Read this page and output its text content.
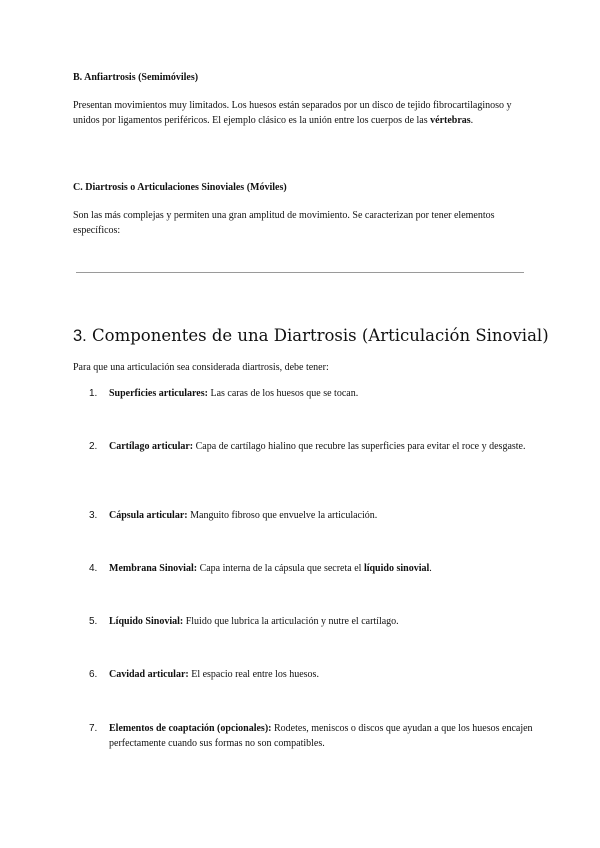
B. Anfiartrosis (Semimóviles)

Presentan movimientos muy limitados. Los huesos están separados por un disco de tejido fibrocartilaginoso y unidos por ligamentos periféricos. El ejemplo clásico es la unión entre los cuerpos de las vértebras.

C. Diartrosis o Articulaciones Sinoviales (Móviles)

Son las más complejas y permiten una gran amplitud de movimiento. Se caracterizan por tener elementos específicos:

3. Componentes de una Diartrosis (Articulación Sinovial)

Para que una articulación sea considerada diartrosis, debe tener:

1. Superficies articulares: Las caras de los huesos que se tocan.
2. Cartílago articular: Capa de cartílago hialino que recubre las superficies para evitar el roce y desgaste.
3. Cápsula articular: Manguito fibroso que envuelve la articulación.
4. Membrana Sinovial: Capa interna de la cápsula que secreta el líquido sinovial.
5. Líquido Sinovial: Fluido que lubrica la articulación y nutre el cartílago.
6. Cavidad articular: El espacio real entre los huesos.
7. Elementos de coaptación (opcionales): Rodetes, meniscos o discos que ayudan a que los huesos encajen perfectamente cuando sus formas no son compatibles.
